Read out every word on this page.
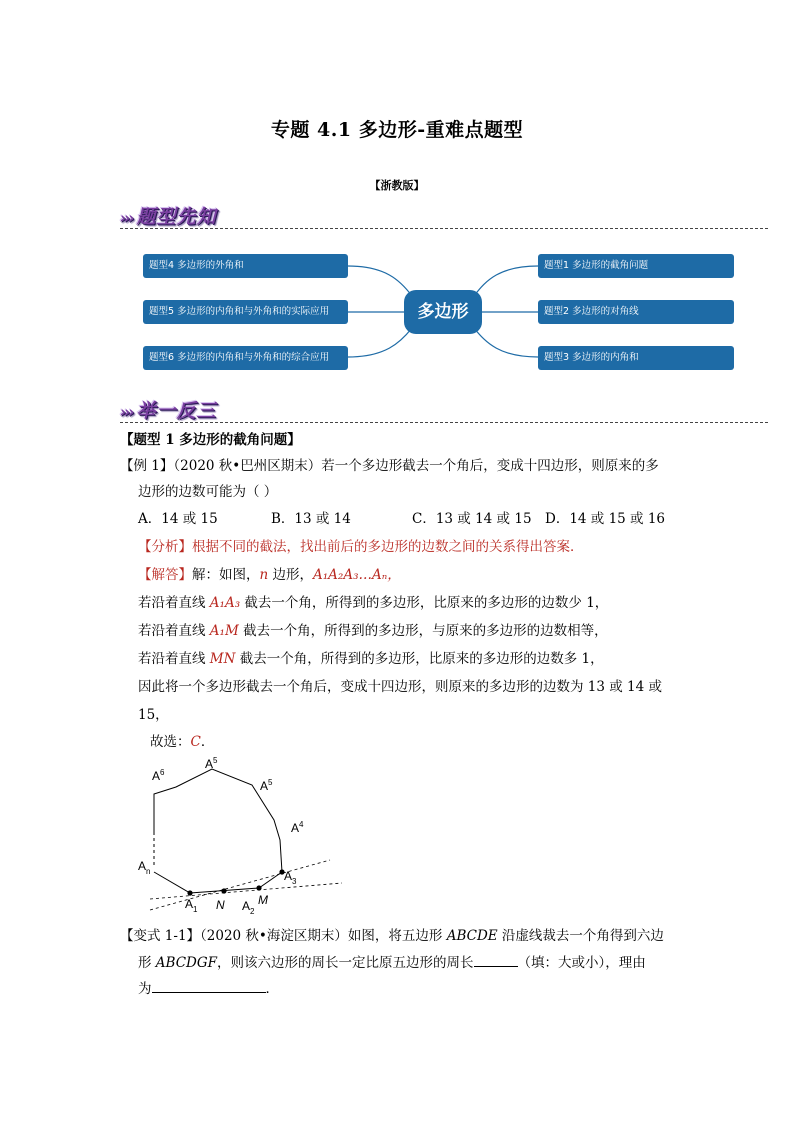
专题 4.1 多边形-重难点题型
【浙教版】
››› 题型先知
题型4 多边形的外角和
题型5 多边形的内角和与外角和的实际应用
题型6 多边形的内角和与外角和的综合应用
多边形
题型1 多边形的截角问题
题型2 多边形的对角线
题型3 多边形的内角和
››› 举一反三
【题型 1 多边形的截角问题】
【例 1】（2020 秋•巴州区期末）若一个多边形截去一个角后，变成十四边形，则原来的多
边形的边数可能为（ ）
A．14 或 15	B．13 或 14	C．13 或 14 或 15 D．14 或 15 或 16
【分析】根据不同的截法，找出前后的多边形的边数之间的关系得出答案．
【解答】解：如图，n 边形，A₁A₂A₃…Aₙ，
若沿着直线 A₁A₃ 截去一个角，所得到的多边形，比原来的多边形的边数少 1，
若沿着直线 A₁M 截去一个角，所得到的多边形，与原来的多边形的边数相等，
若沿着直线 MN 截去一个角，所得到的多边形，比原来的多边形的边数多 1，
因此将一个多边形截去一个角后，变成十四边形，则原来的多边形的边数为 13 或 14 或
15，
故选：C．
$A^6$
$A^5$
$A^5$
$A^4$
$A_n$	$A_3$
$A_1$ N $A_2$
M
【变式 1-1】（2020 秋•海淀区期末）如图，将五边形 ABCDE 沿虚线裁去一个角得到六边
形 ABCDGF，则该六边形的周长一定比原五边形的周长	（填：大或小），理由
为	．
